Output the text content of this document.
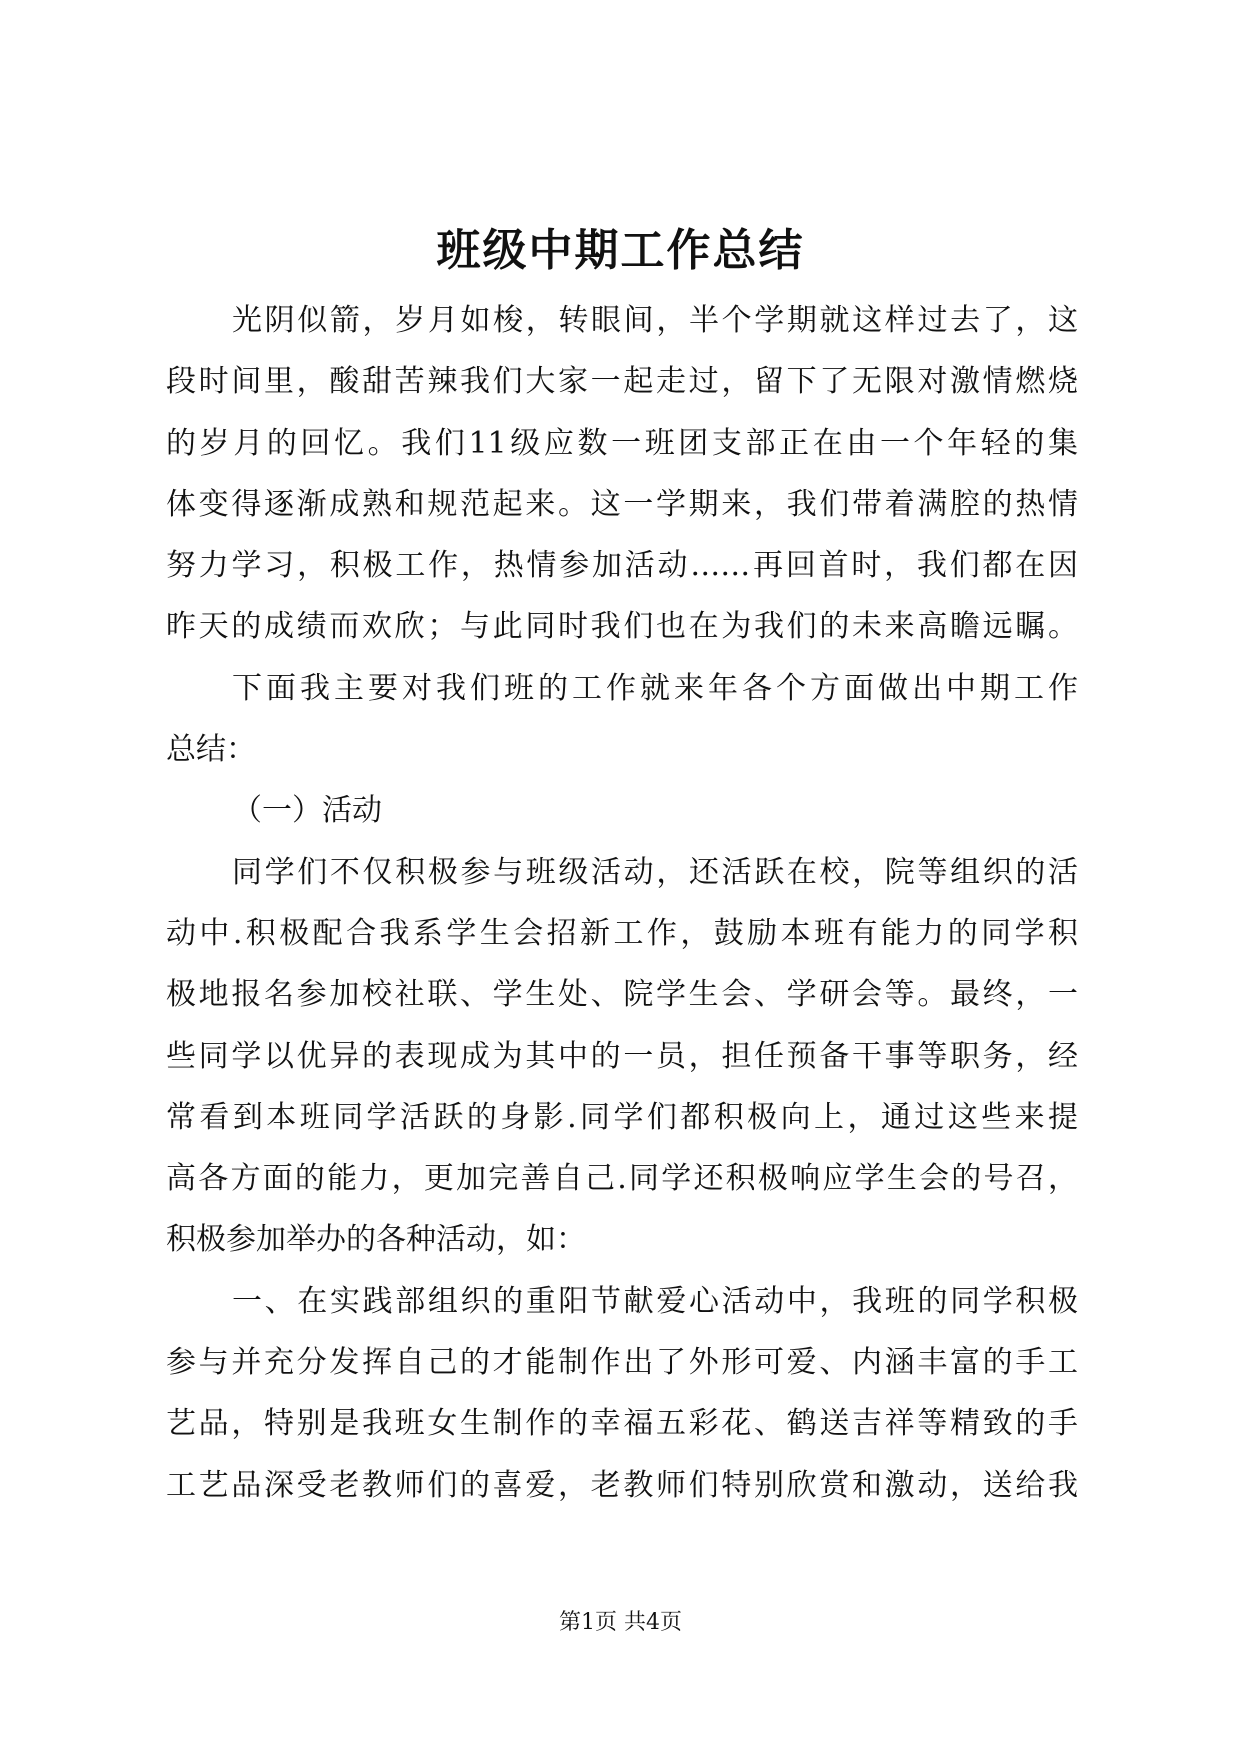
班级中期工作总结
光阴似箭，岁月如梭，转眼间，半个学期就这样过去了，这
段时间里，酸甜苦辣我们大家一起走过，留下了无限对激情燃烧
的岁月的回忆。我们11级应数一班团支部正在由一个年轻的集
体变得逐渐成熟和规范起来。这一学期来，我们带着满腔的热情
努力学习，积极工作，热情参加活动……再回首时，我们都在因
昨天的成绩而欢欣；与此同时我们也在为我们的未来高瞻远瞩。
下面我主要对我们班的工作就来年各个方面做出中期工作
总结：
（一）活动
同学们不仅积极参与班级活动，还活跃在校，院等组织的活
动中.积极配合我系学生会招新工作，鼓励本班有能力的同学积
极地报名参加校社联、学生处、院学生会、学研会等。最终，一
些同学以优异的表现成为其中的一员，担任预备干事等职务，经
常看到本班同学活跃的身影.同学们都积极向上，通过这些来提
高各方面的能力，更加完善自己.同学还积极响应学生会的号召，
积极参加举办的各种活动，如：
一、在实践部组织的重阳节献爱心活动中，我班的同学积极
参与并充分发挥自己的才能制作出了外形可爱、内涵丰富的手工
艺品，特别是我班女生制作的幸福五彩花、鹤送吉祥等精致的手
工艺品深受老教师们的喜爱，老教师们特别欣赏和激动，送给我
第1页 共4页
